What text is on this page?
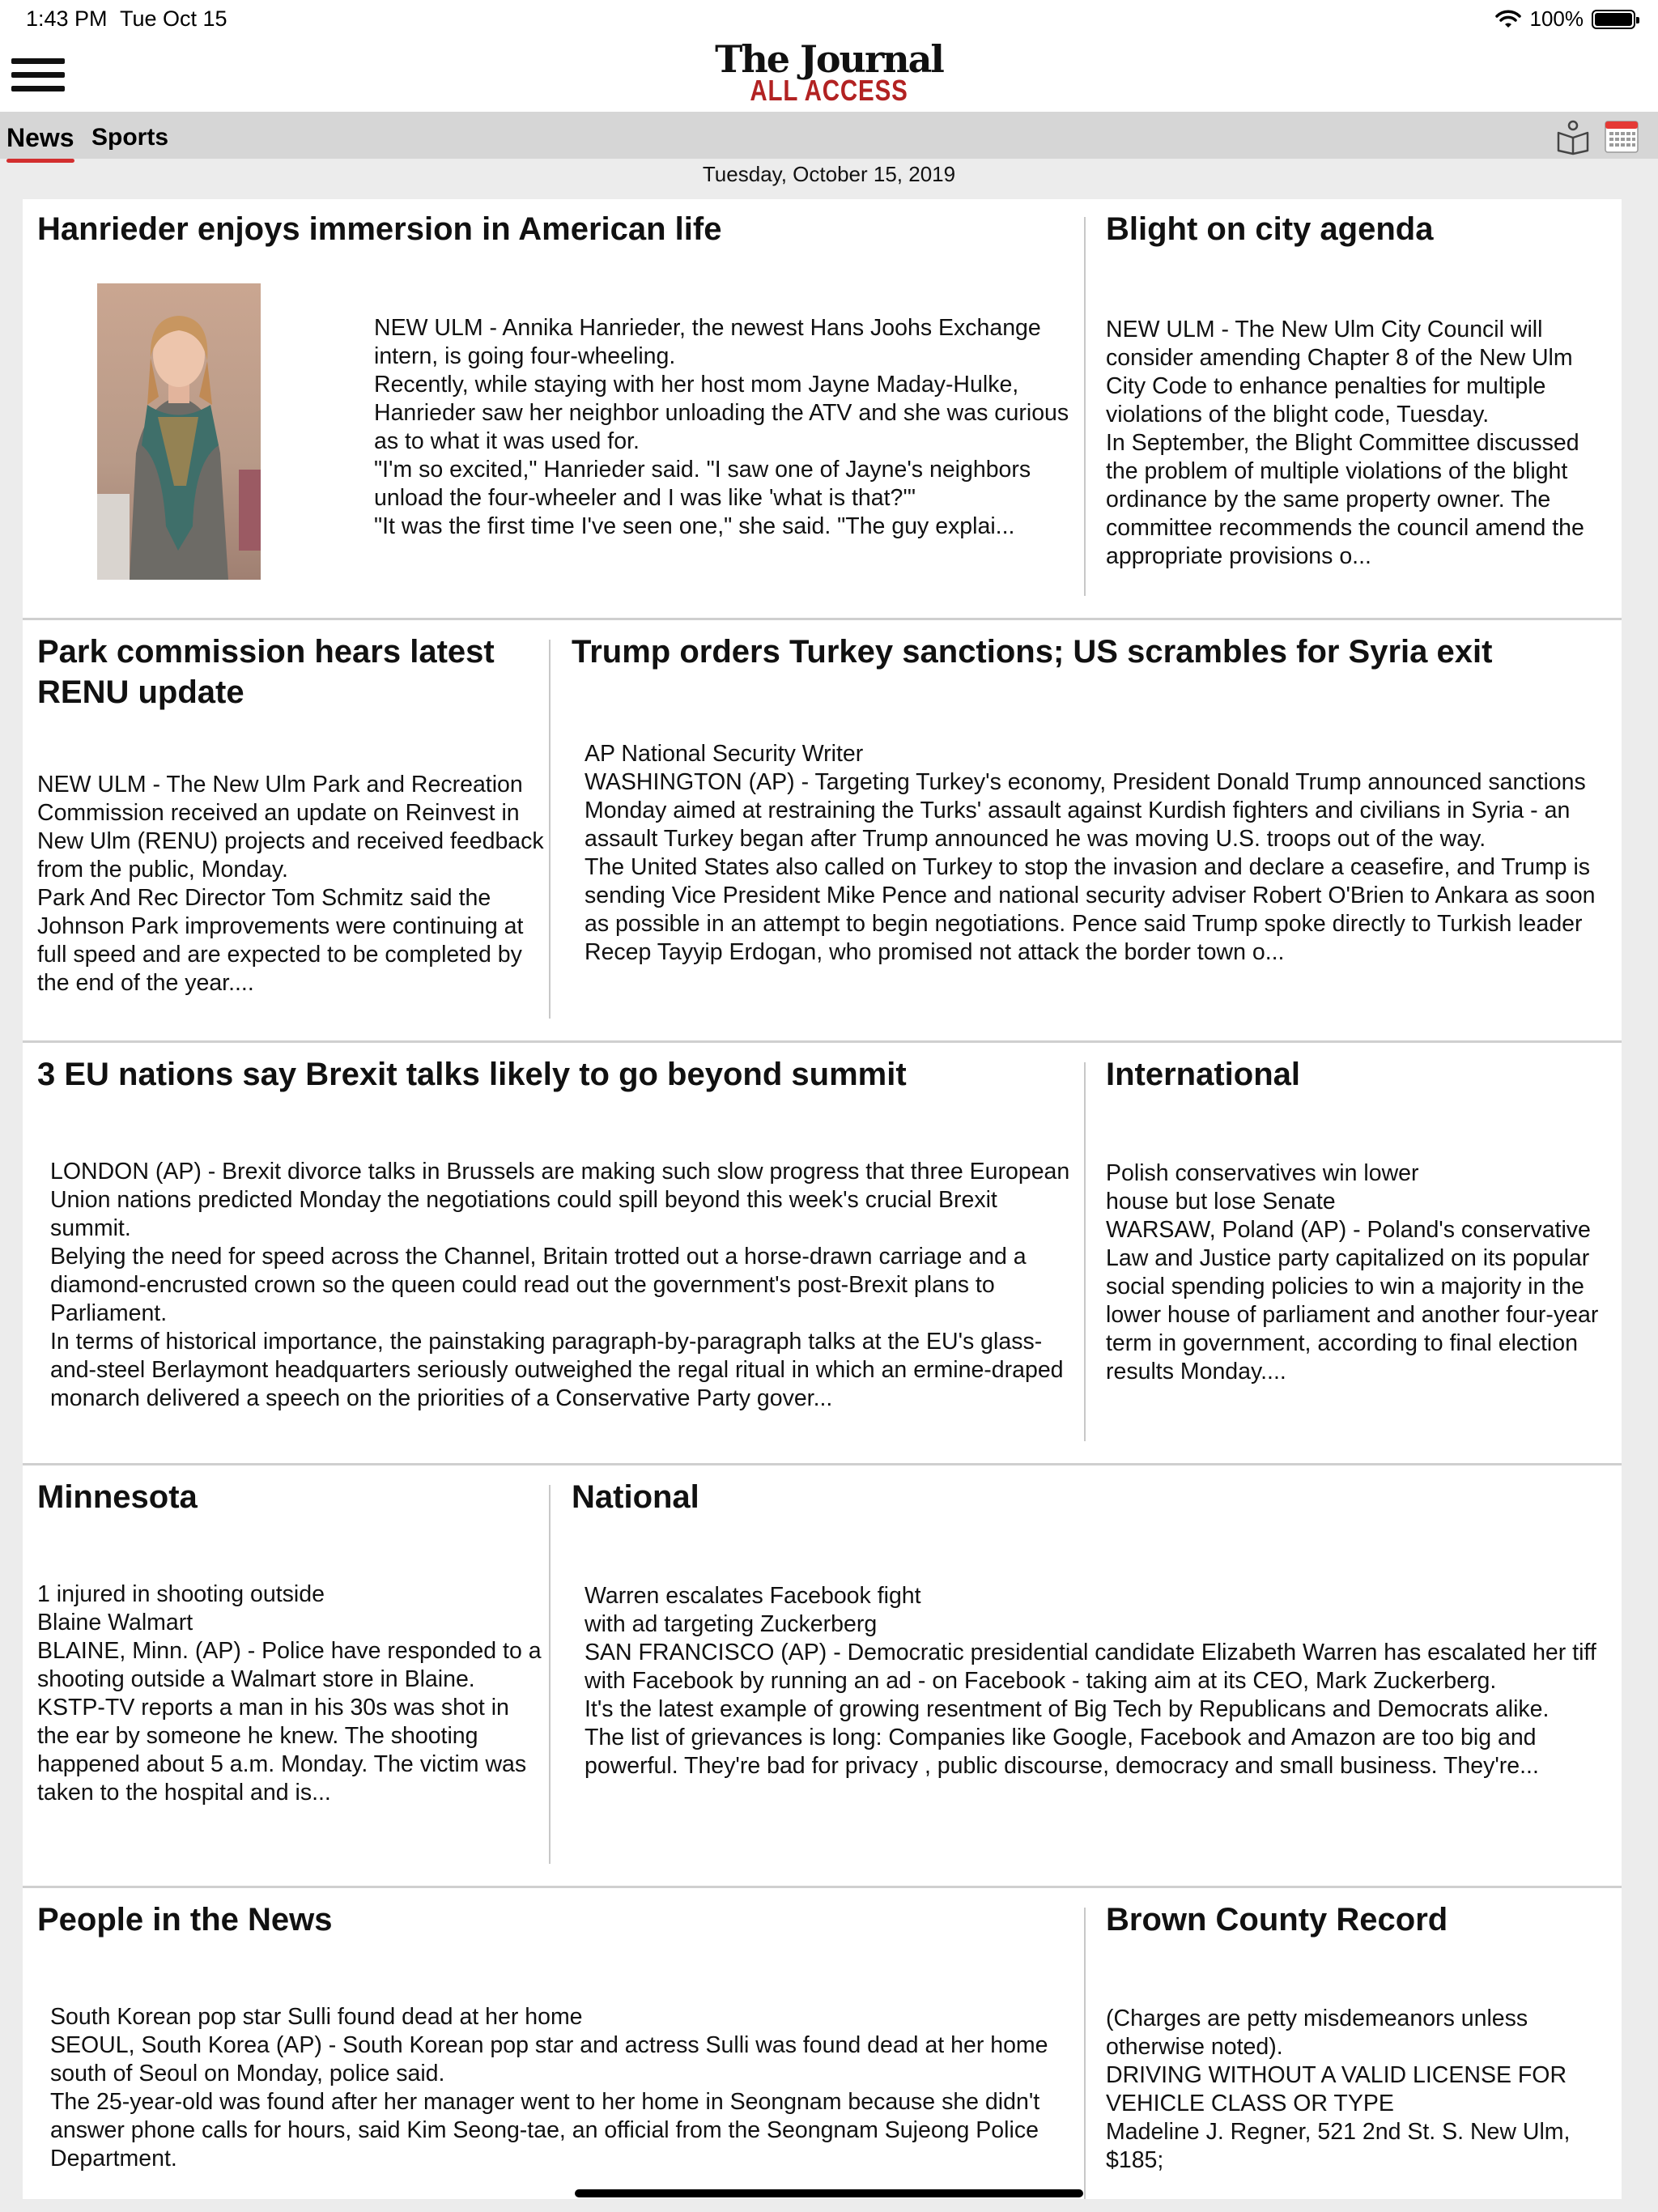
1:43 PM Tue Oct 15	100%
The Journal
ALL ACCESS
News Sports
Tuesday, October 15, 2019
Hanrieder enjoys immersion in American life

NEW ULM - Annika Hanrieder, the newest Hans Joohs Exchange intern, is going four-wheeling.

Recently, while staying with her host mom Jayne Maday-Hulke, Hanrieder saw her neighbor unloading the ATV and she was curious as to what it was used for.

"I'm so excited," Hanrieder said. "I saw one of Jayne's neighbors unload the four-wheeler and I was like 'what is that?'"

"It was the first time I've seen one," she said. "The guy explai...

Blight on city agenda

NEW ULM - The New Ulm City Council will consider amending Chapter 8 of the New Ulm City Code to enhance penalties for multiple violations of the blight code, Tuesday.

In September, the Blight Committee discussed the problem of multiple violations of the blight ordinance by the same property owner. The committee recommends the council amend the appropriate provisions o...

Park commission hears latest RENU update

NEW ULM - The New Ulm Park and Recreation Commission received an update on Reinvest in New Ulm (RENU) projects and received feedback from the public, Monday.

Park And Rec Director Tom Schmitz said the Johnson Park improvements were continuing at full speed and are expected to be completed by the end of the year....

Trump orders Turkey sanctions; US scrambles for Syria exit

AP National Security Writer

WASHINGTON (AP) - Targeting Turkey's economy, President Donald Trump announced sanctions Monday aimed at restraining the Turks' assault against Kurdish fighters and civilians in Syria - an assault Turkey began after Trump announced he was moving U.S. troops out of the way.

The United States also called on Turkey to stop the invasion and declare a ceasefire, and Trump is sending Vice President Mike Pence and national security adviser Robert O'Brien to Ankara as soon as possible in an attempt to begin negotiations. Pence said Trump spoke directly to Turkish leader Recep Tayyip Erdogan, who promised not attack the border town o...

3 EU nations say Brexit talks likely to go beyond summit

LONDON (AP) - Brexit divorce talks in Brussels are making such slow progress that three European Union nations predicted Monday the negotiations could spill beyond this week's crucial Brexit summit.

Belying the need for speed across the Channel, Britain trotted out a horse-drawn carriage and a diamond-encrusted crown so the queen could read out the government's post-Brexit plans to Parliament.

In terms of historical importance, the painstaking paragraph-by-paragraph talks at the EU's glass-and-steel Berlaymont headquarters seriously outweighed the regal ritual in which an ermine-draped monarch delivered a speech on the priorities of a Conservative Party gover...

International

Polish conservatives win lower

house but lose Senate

WARSAW, Poland (AP) - Poland's conservative Law and Justice party capitalized on its popular social spending policies to win a majority in the lower house of parliament and another four-year term in government, according to final election results Monday....

Minnesota

1 injured in shooting outside

Blaine Walmart

BLAINE, Minn. (AP) - Police have responded to a shooting outside a Walmart store in Blaine.

KSTP-TV reports a man in his 30s was shot in the ear by someone he knew. The shooting happened about 5 a.m. Monday. The victim was taken to the hospital and is...

National

Warren escalates Facebook fight

with ad targeting Zuckerberg

SAN FRANCISCO (AP) - Democratic presidential candidate Elizabeth Warren has escalated her tiff with Facebook by running an ad - on Facebook - taking aim at its CEO, Mark Zuckerberg.

It's the latest example of growing resentment of Big Tech by Republicans and Democrats alike.

The list of grievances is long: Companies like Google, Facebook and Amazon are too big and powerful. They're bad for privacy , public discourse, democracy and small business. They're...

People in the News

South Korean pop star Sulli found dead at her home

SEOUL, South Korea (AP) - South Korean pop star and actress Sulli was found dead at her home south of Seoul on Monday, police said.

The 25-year-old was found after her manager went to her home in Seongnam because she didn't answer phone calls for hours, said Kim Seong-tae, an official from the Seongnam Sujeong Police Department.

Brown County Record

(Charges are petty misdemeanors unless otherwise noted).

DRIVING WITHOUT A VALID LICENSE FOR VEHICLE CLASS OR TYPE

Madeline J. Regner, 521 2nd St. S. New Ulm, $185;
